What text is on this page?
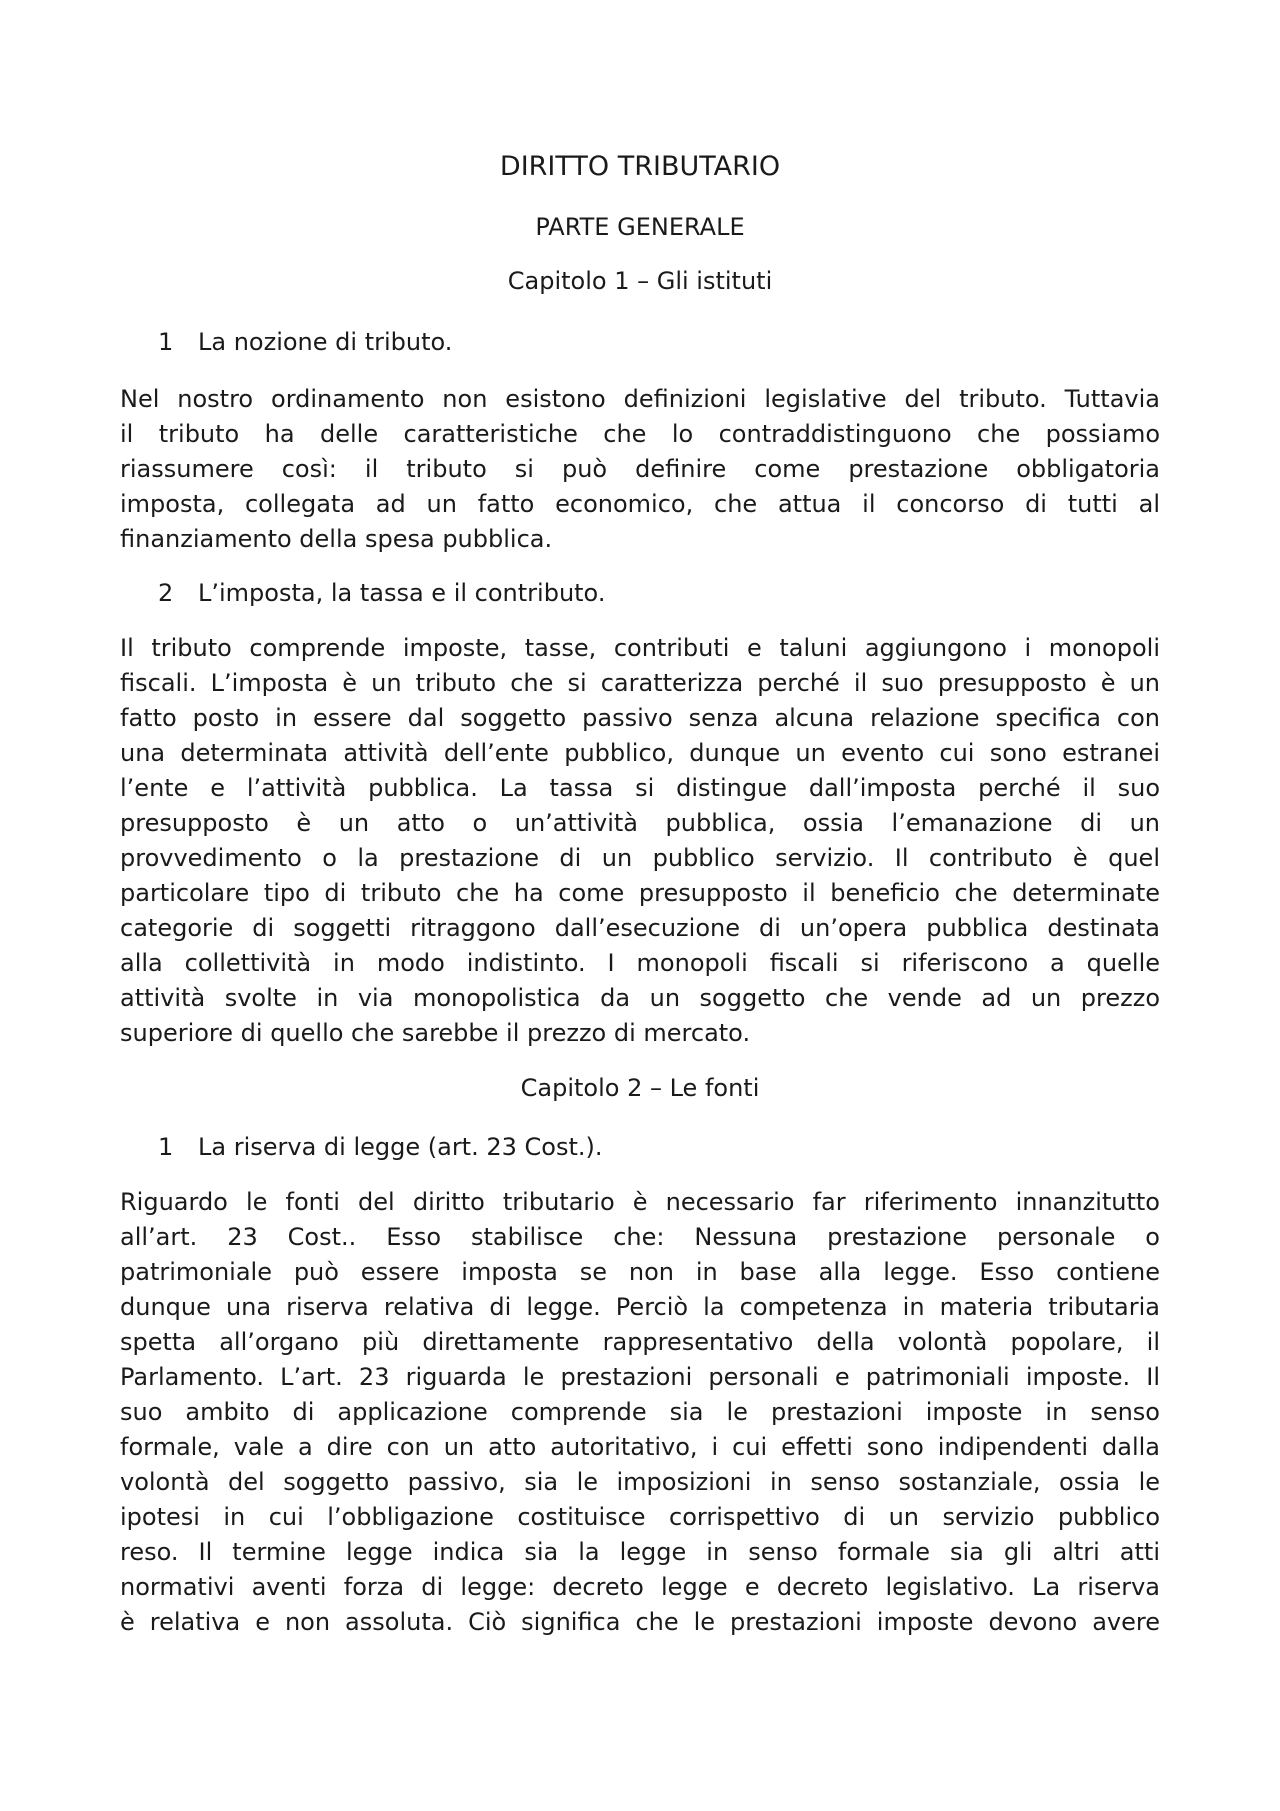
DIRITTO TRIBUTARIO
PARTE GENERALE
Capitolo 1 – Gli istituti
1 La nozione di tributo.
Nel nostro ordinamento non esistono definizioni legislative del tributo. Tuttavia
il tributo ha delle caratteristiche che lo contraddistinguono che possiamo
riassumere così: il tributo si può definire come prestazione obbligatoria
imposta, collegata ad un fatto economico, che attua il concorso di tutti al
finanziamento della spesa pubblica.
2 L’imposta, la tassa e il contributo.
Il tributo comprende imposte, tasse, contributi e taluni aggiungono i monopoli
fiscali. L’imposta è un tributo che si caratterizza perché il suo presupposto è un
fatto posto in essere dal soggetto passivo senza alcuna relazione specifica con
una determinata attività dell’ente pubblico, dunque un evento cui sono estranei
l’ente e l’attività pubblica. La tassa si distingue dall’imposta perché il suo
presupposto è un atto o un’attività pubblica, ossia l’emanazione di un
provvedimento o la prestazione di un pubblico servizio. Il contributo è quel
particolare tipo di tributo che ha come presupposto il beneficio che determinate
categorie di soggetti ritraggono dall’esecuzione di un’opera pubblica destinata
alla collettività in modo indistinto. I monopoli fiscali si riferiscono a quelle
attività svolte in via monopolistica da un soggetto che vende ad un prezzo
superiore di quello che sarebbe il prezzo di mercato.
Capitolo 2 – Le fonti
1 La riserva di legge (art. 23 Cost.).
Riguardo le fonti del diritto tributario è necessario far riferimento innanzitutto
all’art. 23 Cost.. Esso stabilisce che: Nessuna prestazione personale o
patrimoniale può essere imposta se non in base alla legge. Esso contiene
dunque una riserva relativa di legge. Perciò la competenza in materia tributaria
spetta all’organo più direttamente rappresentativo della volontà popolare, il
Parlamento. L’art. 23 riguarda le prestazioni personali e patrimoniali imposte. Il
suo ambito di applicazione comprende sia le prestazioni imposte in senso
formale, vale a dire con un atto autoritativo, i cui effetti sono indipendenti dalla
volontà del soggetto passivo, sia le imposizioni in senso sostanziale, ossia le
ipotesi in cui l’obbligazione costituisce corrispettivo di un servizio pubblico
reso. Il termine legge indica sia la legge in senso formale sia gli altri atti
normativi aventi forza di legge: decreto legge e decreto legislativo. La riserva
è relativa e non assoluta. Ciò significa che le prestazioni imposte devono avere
